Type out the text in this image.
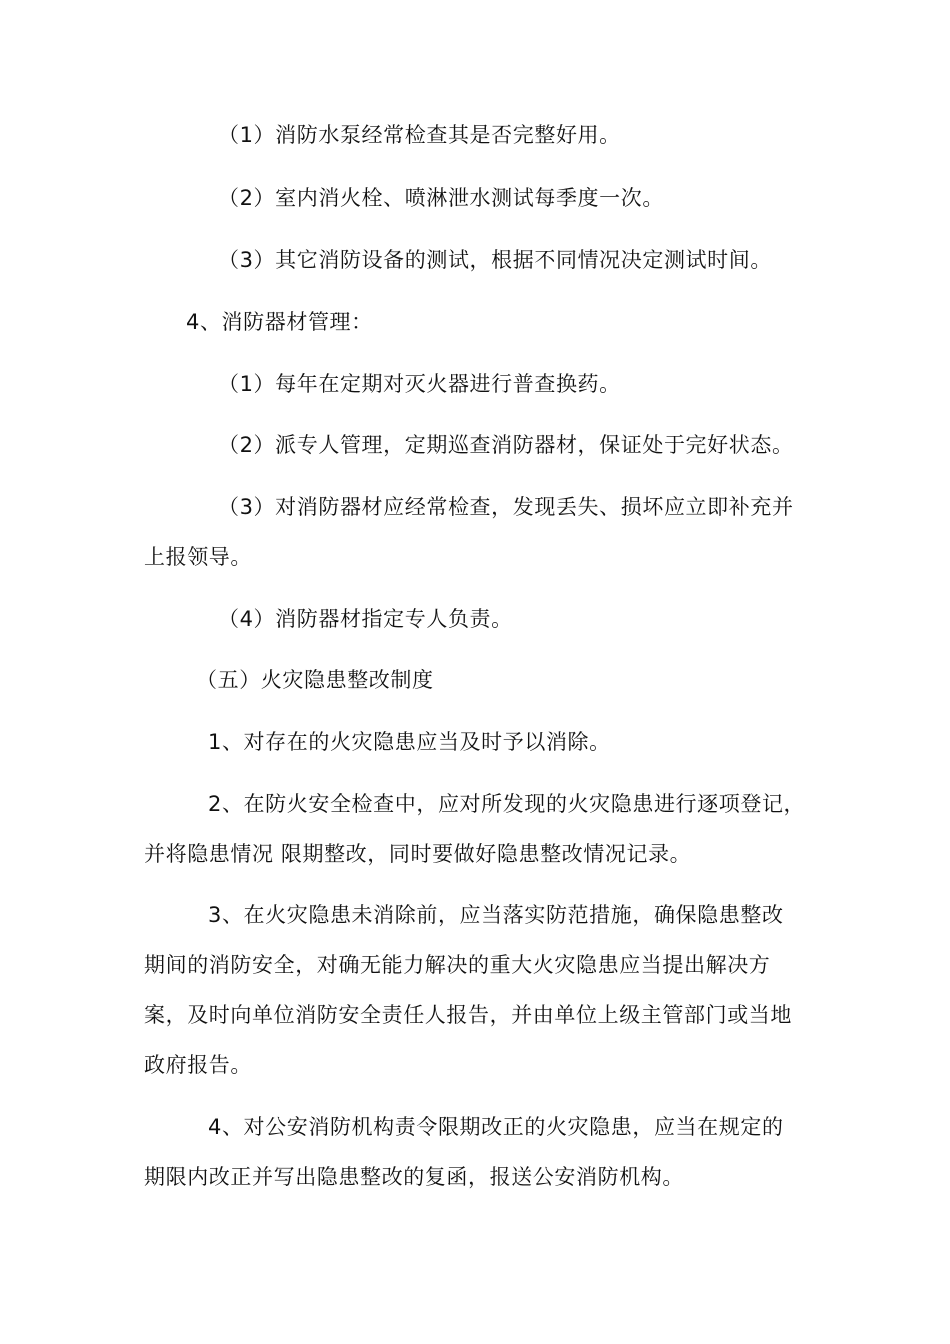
（1）消防水泵经常检查其是否完整好用。
（2）室内消火栓、喷淋泄水测试每季度一次。
（3）其它消防设备的测试，根据不同情况决定测试时间。
4、消防器材管理：
（1）每年在定期对灭火器进行普查换药。
（2）派专人管理，定期巡查消防器材，保证处于完好状态。
（3）对消防器材应经常检查，发现丢失、损坏应立即补充并
上报领导。
（4）消防器材指定专人负责。
（五）火灾隐患整改制度
1、对存在的火灾隐患应当及时予以消除。
2、在防火安全检查中，应对所发现的火灾隐患进行逐项登记，
并将隐患情况 限期整改，同时要做好隐患整改情况记录。
3、在火灾隐患未消除前，应当落实防范措施，确保隐患整改
期间的消防安全，对确无能力解决的重大火灾隐患应当提出解决方
案，及时向单位消防安全责任人报告，并由单位上级主管部门或当地
政府报告。
4、对公安消防机构责令限期改正的火灾隐患，应当在规定的
期限内改正并写出隐患整改的复函，报送公安消防机构。
